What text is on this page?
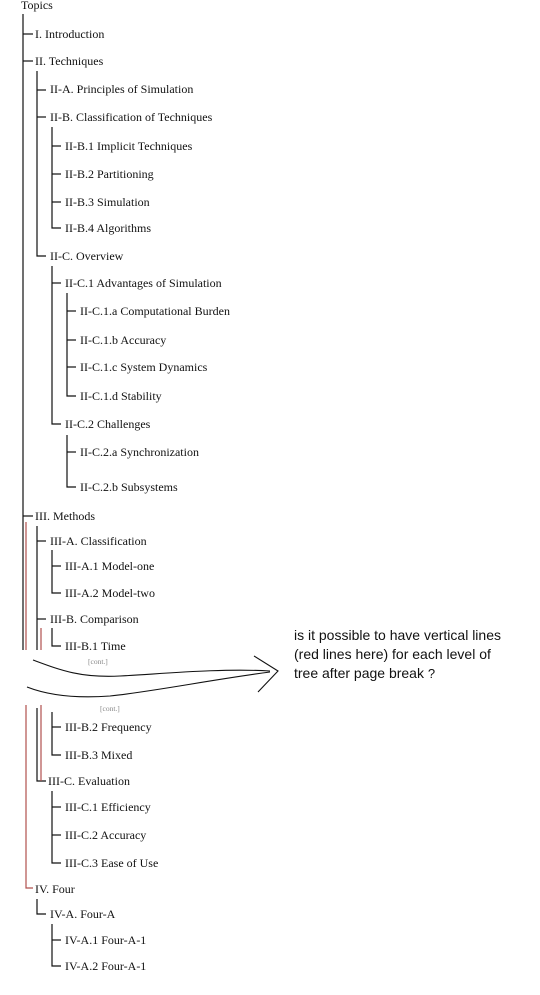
Topics
I. Introduction
II. Techniques
II-A. Principles of Simulation
II-B. Classification of Techniques
II-B.1 Implicit Techniques
II-B.2 Partitioning
II-B.3 Simulation
II-B.4 Algorithms
II-C. Overview
II-C.1 Advantages of Simulation
II-C.1.a Computational Burden
II-C.1.b Accuracy
II-C.1.c System Dynamics
II-C.1.d Stability
II-C.2 Challenges
II-C.2.a Synchronization
II-C.2.b Subsystems
III. Methods
III-A. Classification
III-A.1 Model-one
III-A.2 Model-two
III-B. Comparison
III-B.1 Time
[cont.]
[cont.]
III-B.2 Frequency
III-B.3 Mixed
III-C. Evaluation
III-C.1 Efficiency
III-C.2 Accuracy
III-C.3 Ease of Use
IV. Four
IV-A. Four-A
IV-A.1 Four-A-1
IV-A.2 Four-A-1
is it possible to have vertical lines
(red lines here) for each level of
tree after page break ?
